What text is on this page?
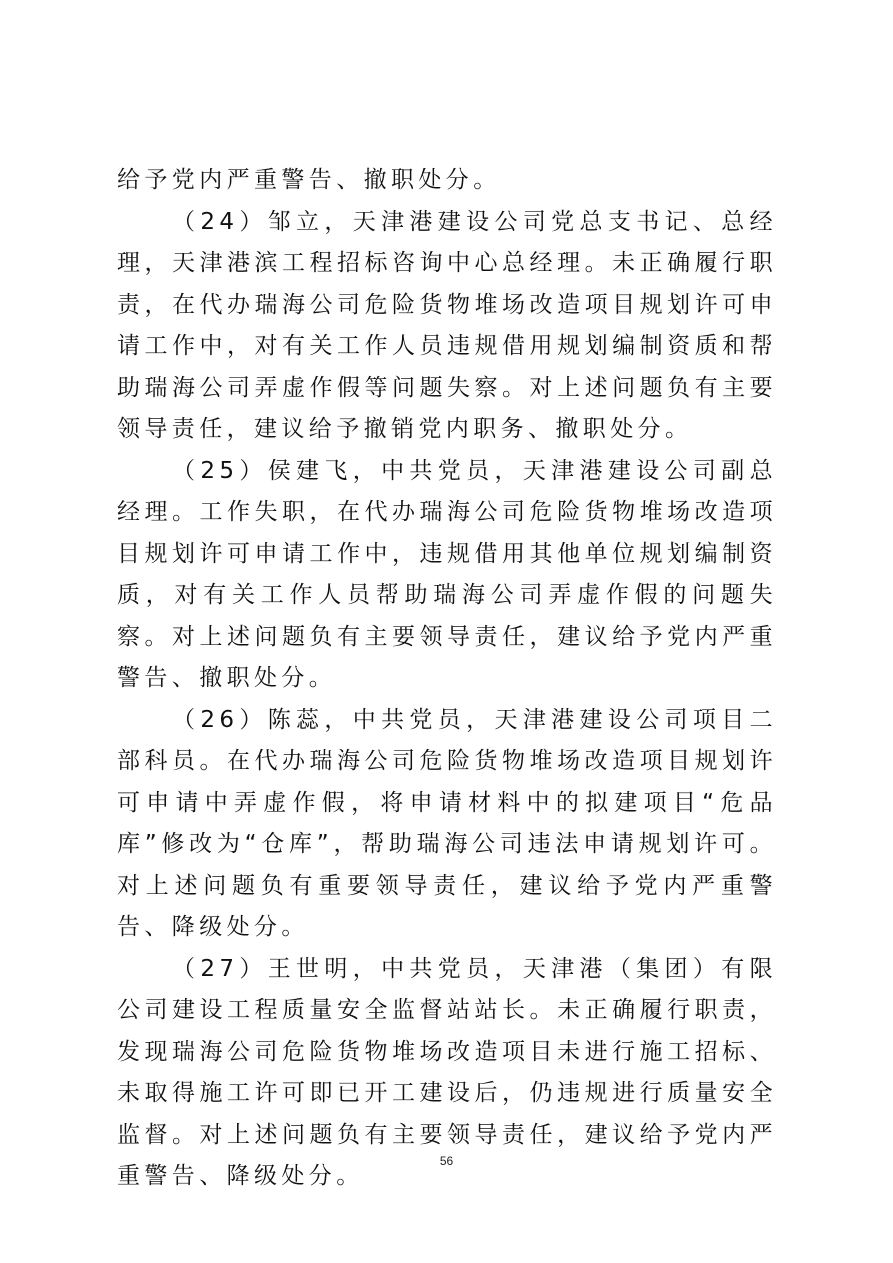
给予党内严重警告、撤职处分。

（24）邹立，天津港建设公司党总支书记、总经理，天津港滨工程招标咨询中心总经理。未正确履行职责，在代办瑞海公司危险货物堆场改造项目规划许可申请工作中，对有关工作人员违规借用规划编制资质和帮助瑞海公司弄虚作假等问题失察。对上述问题负有主要领导责任，建议给予撤销党内职务、撤职处分。

（25）侯建飞，中共党员，天津港建设公司副总经理。工作失职，在代办瑞海公司危险货物堆场改造项目规划许可申请工作中，违规借用其他单位规划编制资质，对有关工作人员帮助瑞海公司弄虚作假的问题失察。对上述问题负有主要领导责任，建议给予党内严重警告、撤职处分。

（26）陈蕊，中共党员，天津港建设公司项目二部科员。在代办瑞海公司危险货物堆场改造项目规划许可申请中弄虚作假，将申请材料中的拟建项目“危品库”修改为“仓库”，帮助瑞海公司违法申请规划许可。对上述问题负有重要领导责任，建议给予党内严重警告、降级处分。

（27）王世明，中共党员，天津港（集团）有限公司建设工程质量安全监督站站长。未正确履行职责，发现瑞海公司危险货物堆场改造项目未进行施工招标、未取得施工许可即已开工建设后，仍违规进行质量安全监督。对上述问题负有主要领导责任，建议给予党内严重警告、降级处分。

56
